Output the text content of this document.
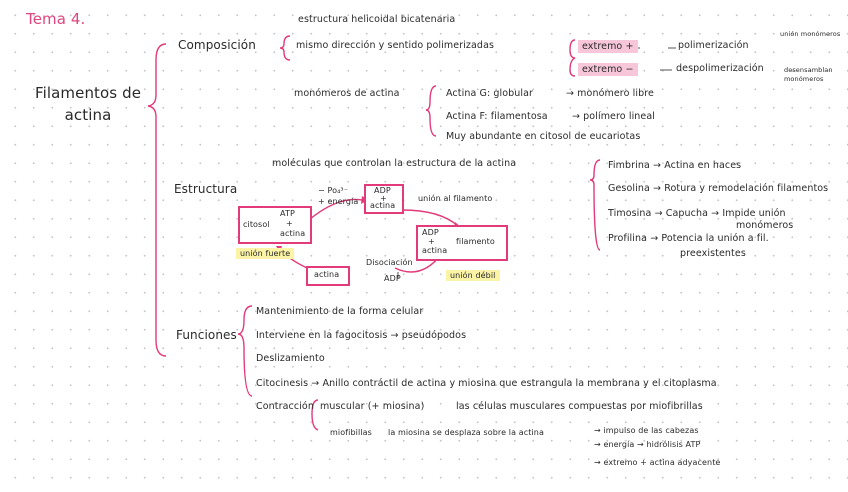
Tema 4.
Filamentos de actina
Composición
Estructura
Funciones
estructura helicoidal bicatenaria
mismo dirección y sentido polimerizadas	extremo +
extremo −
polimerización
unión monómeros
despolimerización	desensamblan monómeros
monómeros de actina	Actina G: globular	→ monómero libre
Actina F: filamentosa	→ polímero lineal
Muy abundante en citosol de eucariotas
moléculas que controlan la estructura de la actina	Fimbrina → Actina en haces
Gesolina → Rotura y remodelación filamentos
Timosina → Capucha → Impide unión
monómeros
Profilina → Potencia la unión a fil.
preexistentes
citosol
ATP
+
actina
− Po₄³⁻
+ energía
ADP
+
actina
unión al filamento
ADP
+
actina
filamento
Disociación
ADP
actina
unión fuerte
unión débil
Mantenimiento de la forma celular
Interviene en la fagocitosis → pseudópodos
Deslizamiento
Citocinesis → Anillo contráctil de actina y miosina que estrangula la membrana y el citoplasma
Contracción muscular (+ miosina)	las células musculares compuestas por miofibrillas
miofibillas la miosina se desplaza sobre la actina	→ impulso de las cabezas
→ energía → hidrólisis ATP
→ extremo + actina adyacente
